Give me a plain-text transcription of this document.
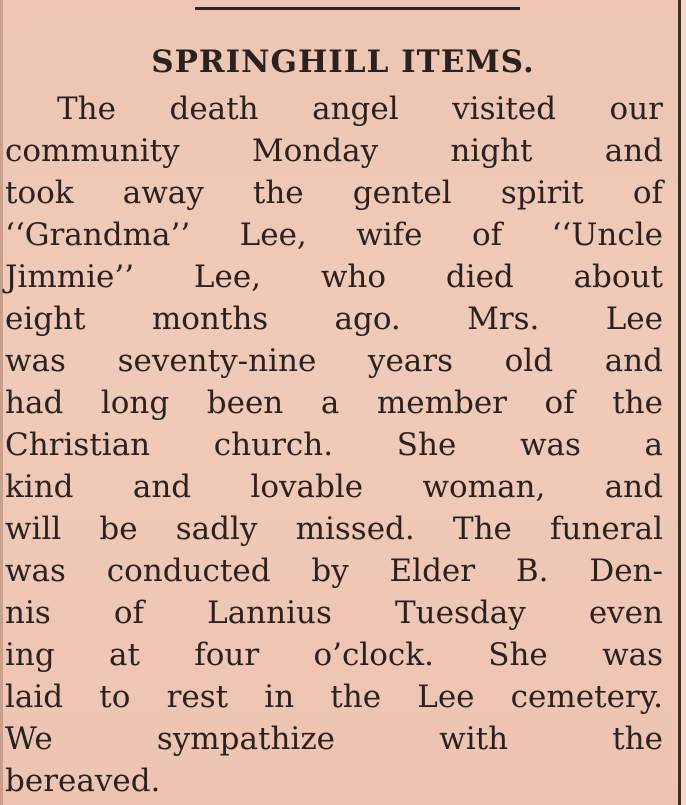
SPRINGHILL ITEMS.
The death angel visited our
community Monday night and
took away the gentel spirit of
‘‘Grandma’’ Lee, wife of ‘‘Uncle
Jimmie’’ Lee, who died about
eight months ago. Mrs. Lee
was seventy-nine years old and
had long been a member of the
Christian church. She was a
kind and lovable woman, and
will be sadly missed. The funeral
was conducted by Elder B. Den-
nis of Lannius Tuesday even
ing at four o’clock. She was
laid to rest in the Lee cemetery.
We sympathize with the
bereaved.
